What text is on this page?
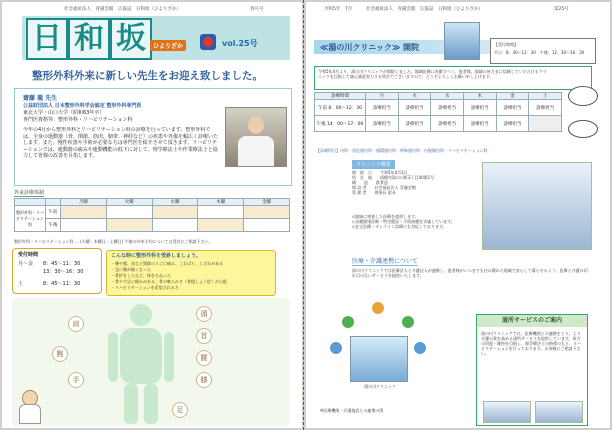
社会福祉法人　青磁会館　広報誌　日和坂（ひよりざか）	春号号
日 和 坂	ひよりざか	vol.25号
整形外科外来に新しい先生をお迎え致しました。
齋藤 龍 先生
公益財団法人 日本整形外科学会認定 整形外科専門医
東北大学・山口大学（昭和63年卒）
専門医資格等：整形外科・リハビリテーション科
今年の4月から整形外科とリハビリテーション科の診療を行っています。整形外科では、全身の運動器（骨、関節、筋肉、靭帯、神経など）の疾患や外傷を幅広く診療いたします。また、慢性疾患や手術が必要な方は専門医を紹介させて頂きます。リハビリテーションでは、運動器の痛みや運動機能の低下に対して、理学療法士や作業療法士と協力して皆様の改善を目指します。
外来診療体制
		月曜	火曜	水曜	木曜	金曜
整形外科・リハビリテーション科	午前					
	午後					
整形外科・リハビリテーション科 … (火曜・木曜日・土曜日) 午後の外来予約については受付にご相談下さい。
受付時間
月〜金 8：45〜11：30
13：30〜16：30
土	8：45〜11：30
こんな時に整形外科を受診しましょう。
・腰や膝、首など関節のスジに痛み、こわばり、しびれがある
・急に腰が痛くなった
・骨折をしたなど、体をひねった
・骨や手足に痛みがある、骨の軟らかさ（骨粗しょう症）が心配
・リハビリテーションを希望される方
肩
首
頭
腕	腰
手	膝
足
令和5年　7月	社会福祉法人　青磁会館　広報誌　日和坂（ひよりざか）	第25号
≪湯の川クリニック≫ 開院	【受付時間】
平日：8：30〜11：30　午後：12：30〜16：30
令和5年4月より、湯の川クリニックが開院しました。地域医療に貢献すべく、患者様、地域の皆さまに信頼していただけるクリニックを目指して誠心誠意努力する所存でございますので、どうぞよろしくお願い申し上げます。
診療時間	月	火	水	木	金	土
午前 8：00〜12：30	診療担当	診療担当	診療担当	診療担当	診療担当	診療担当
午後 14：00〜17：00	診療担当	診療担当	診療担当	診療担当	診療担当	
【診療科目】内科・消化器内科・循環器内科・呼吸器内科・内視鏡内科・リハビリテーション科
クリニック概要
開　院　日　　令和5年4月1日
所　在　地　　函館市湯の川町3丁目40番1号
構　　造　　鉄骨造
開 設 者　　社会福祉法人 青磁会館
管 理 者　　理事長 院長
◇地域に密着した医療を提供します。
◇各種健康診断・特定健診・予防接種を実施しています。
◇在宅医療・オンライン診療にも対応しております。
医療・介護連携について
湯の川クリニックでは医療法人と介護法人が連携し、患者様がいつまでも住み慣れた地域で安心して暮らせるよう、医療と介護の切れ目のないサービスを提供いたします。
湯の川クリニック
※医療機関・介護施設との連携の図
通所サービスのご案内
湯の川クリニックでは、医療機関との連携をとり、より介護の質を高める通所サービスを提供しています。体力の回復・維持を目指し、理学療法士の指導のもと、リハビリテーションを行っております。お気軽にご相談下さい。
